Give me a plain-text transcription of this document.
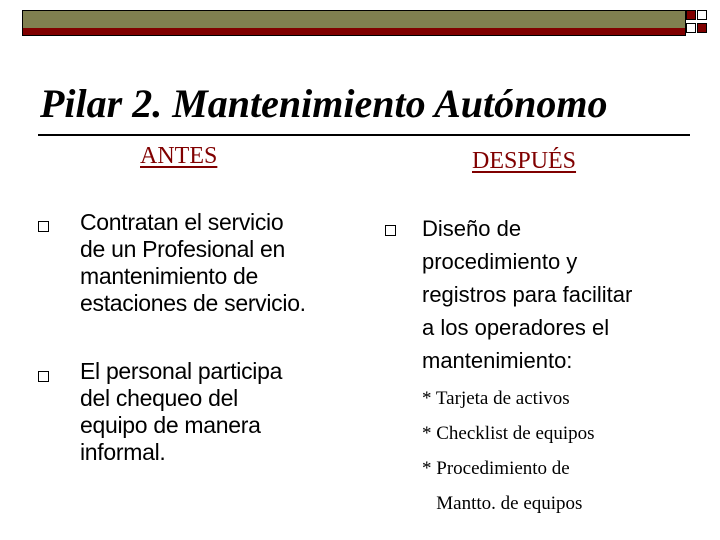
Pilar 2. Mantenimiento Autónomo
ANTES	DESPUÉS
Contratan el servicio
de un Profesional en
mantenimiento de
estaciones de servicio.
El personal participa
del chequeo del
equipo de manera
informal.
Diseño de
procedimiento y
registros para facilitar
a los operadores el
mantenimiento:
* Tarjeta de activos
* Checklist de equipos
* Procedimiento de
Mantto. de equipos
